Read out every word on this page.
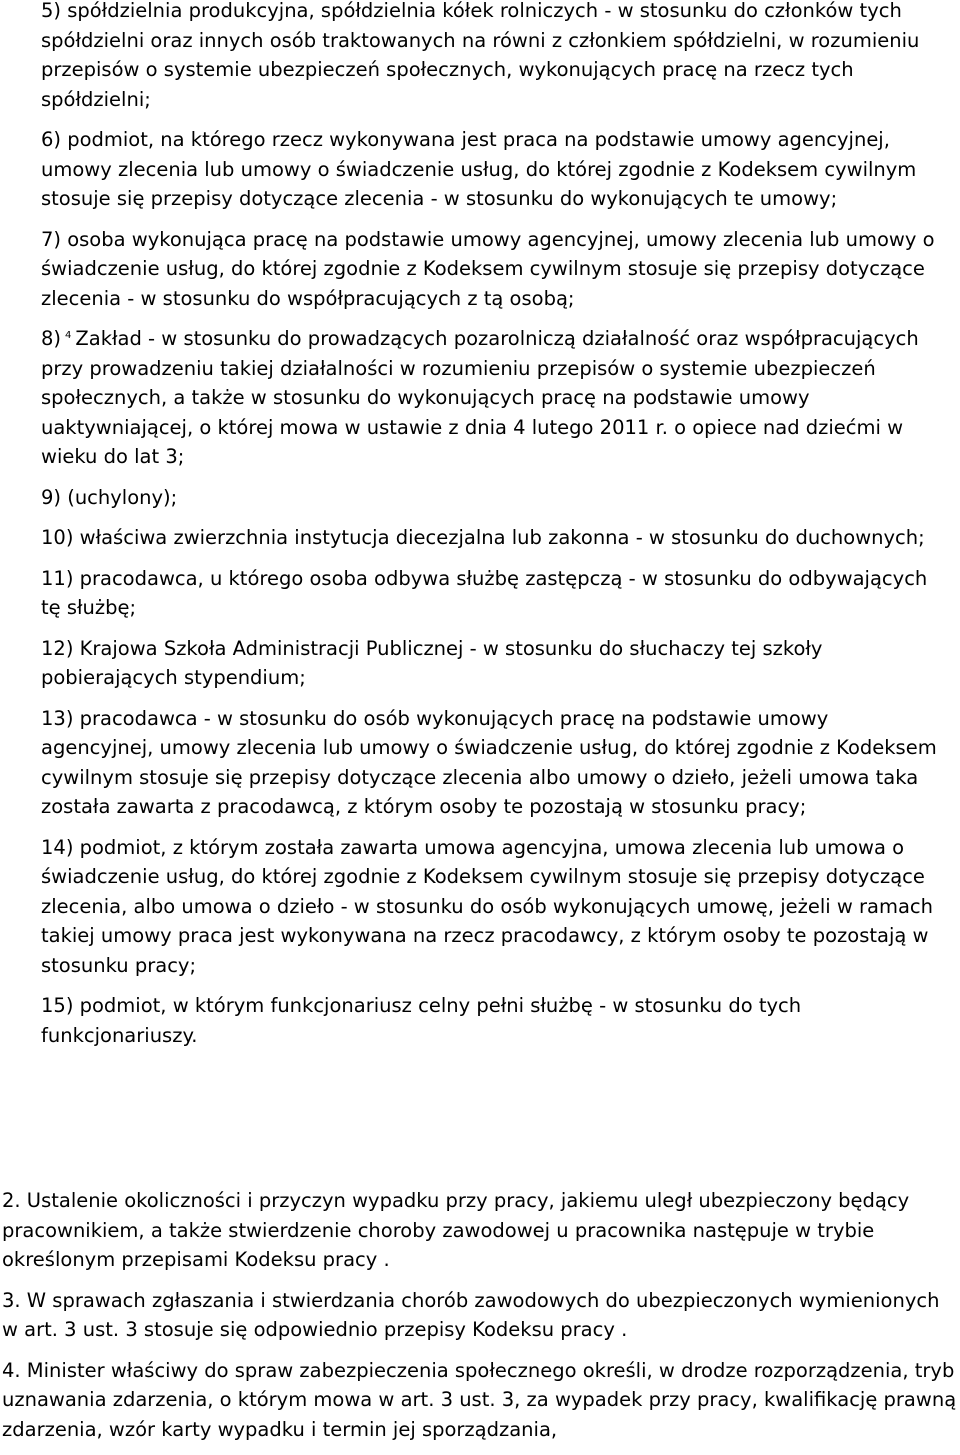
5) spółdzielnia produkcyjna, spółdzielnia kółek rolniczych - w stosunku do członków tych spółdzielni oraz innych osób traktowanych na równi z członkiem spółdzielni, w rozumieniu przepisów o systemie ubezpieczeń społecznych, wykonujących pracę na rzecz tych spółdzielni;

6) podmiot, na którego rzecz wykonywana jest praca na podstawie umowy agencyjnej, umowy zlecenia lub umowy o świadczenie usług, do której zgodnie z Kodeksem cywilnym stosuje się przepisy dotyczące zlecenia - w stosunku do wykonujących te umowy;

7) osoba wykonująca pracę na podstawie umowy agencyjnej, umowy zlecenia lub umowy o świadczenie usług, do której zgodnie z Kodeksem cywilnym stosuje się przepisy dotyczące zlecenia - w stosunku do współpracujących z tą osobą;

8) $^4$ Zakład - w stosunku do prowadzących pozarolniczą działalność oraz współpracujących przy prowadzeniu takiej działalności w rozumieniu przepisów o systemie ubezpieczeń społecznych, a także w stosunku do wykonujących pracę na podstawie umowy uaktywniającej, o której mowa w ustawie z dnia 4 lutego 2011 r. o opiece nad dziećmi w wieku do lat 3;

9) (uchylony);

10) właściwa zwierzchnia instytucja diecezjalna lub zakonna - w stosunku do duchownych;

11) pracodawca, u którego osoba odbywa służbę zastępczą - w stosunku do odbywających tę służbę;

12) Krajowa Szkoła Administracji Publicznej - w stosunku do słuchaczy tej szkoły pobierających stypendium;

13) pracodawca - w stosunku do osób wykonujących pracę na podstawie umowy agencyjnej, umowy zlecenia lub umowy o świadczenie usług, do której zgodnie z Kodeksem cywilnym stosuje się przepisy dotyczące zlecenia albo umowy o dzieło, jeżeli umowa taka została zawarta z pracodawcą, z którym osoby te pozostają w stosunku pracy;

14) podmiot, z którym została zawarta umowa agencyjna, umowa zlecenia lub umowa o świadczenie usług, do której zgodnie z Kodeksem cywilnym stosuje się przepisy dotyczące zlecenia, albo umowa o dzieło - w stosunku do osób wykonujących umowę, jeżeli w ramach takiej umowy praca jest wykonywana na rzecz pracodawcy, z którym osoby te pozostają w stosunku pracy;

15) podmiot, w którym funkcjonariusz celny pełni służbę - w stosunku do tych funkcjonariuszy.

2. Ustalenie okoliczności i przyczyn wypadku przy pracy, jakiemu uległ ubezpieczony będący pracownikiem, a także stwierdzenie choroby zawodowej u pracownika następuje w trybie określonym przepisami Kodeksu pracy .

3. W sprawach zgłaszania i stwierdzania chorób zawodowych do ubezpieczonych wymienionych w art. 3 ust. 3 stosuje się odpowiednio przepisy Kodeksu pracy .

4. Minister właściwy do spraw zabezpieczenia społecznego określi, w drodze rozporządzenia, tryb uznawania zdarzenia, o którym mowa w art. 3 ust. 3, za wypadek przy pracy, kwalifikację prawną zdarzenia, wzór karty wypadku i termin jej sporządzania,
